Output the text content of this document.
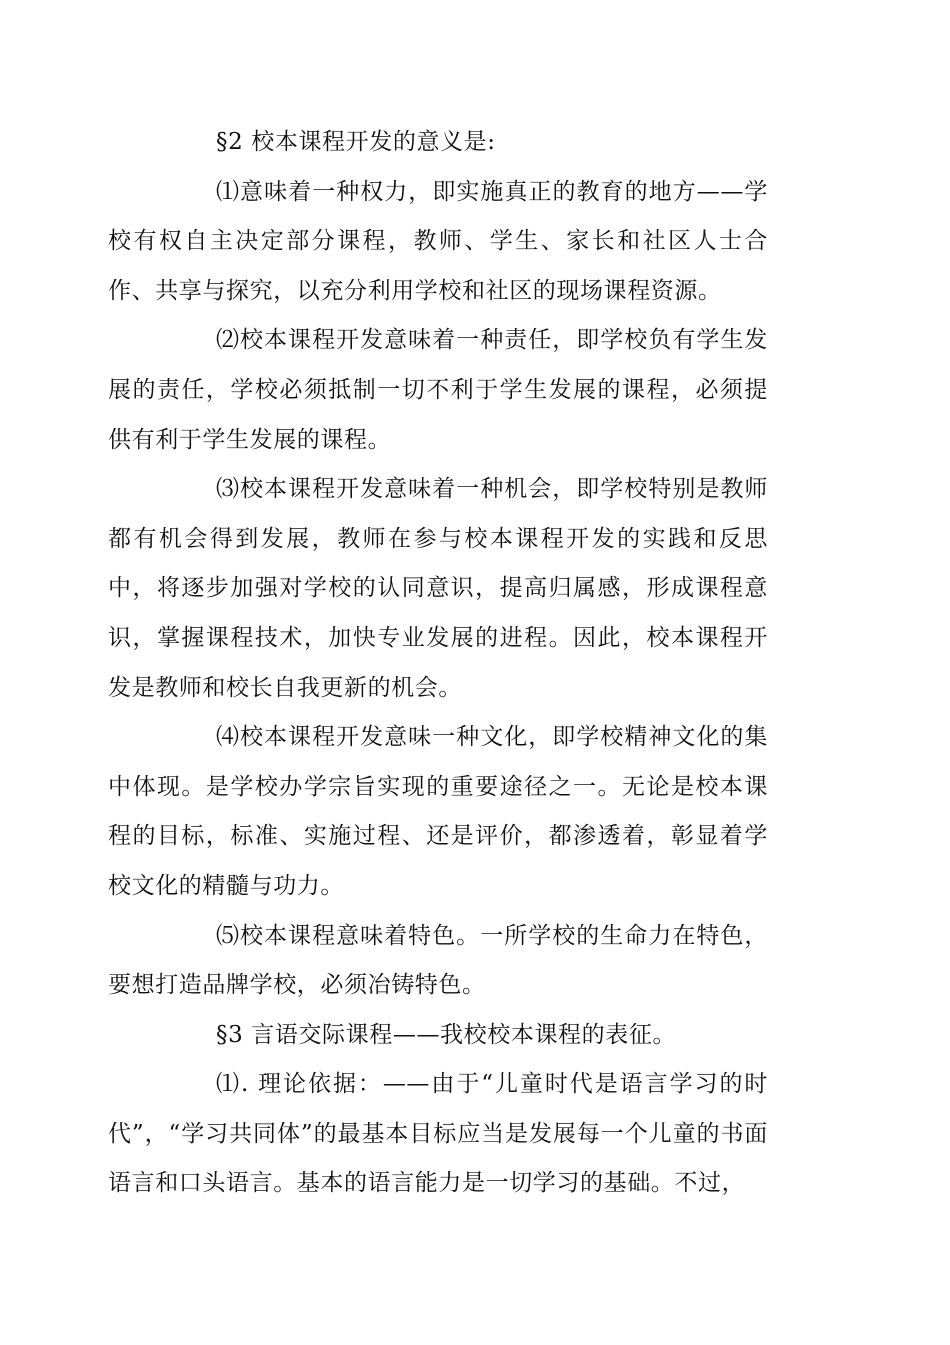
§2 校本课程开发的意义是:

⑴意味着一种权力，即实施真正的教育的地方——学校有权自主决定部分课程，教师、学生、家长和社区人士合作、共享与探究，以充分利用学校和社区的现场课程资源。

⑵校本课程开发意味着一种责任，即学校负有学生发展的责任，学校必须抵制一切不利于学生发展的课程，必须提供有利于学生发展的课程。

⑶校本课程开发意味着一种机会，即学校特别是教师都有机会得到发展，教师在参与校本课程开发的实践和反思中，将逐步加强对学校的认同意识，提高归属感，形成课程意识，掌握课程技术，加快专业发展的进程。因此，校本课程开发是教师和校长自我更新的机会。

⑷校本课程开发意味一种文化，即学校精神文化的集中体现。是学校办学宗旨实现的重要途径之一。无论是校本课程的目标，标准、实施过程、还是评价，都渗透着，彰显着学校文化的精髓与功力。

⑸校本课程意味着特色。一所学校的生命力在特色，要想打造品牌学校，必须冶铸特色。

§3 言语交际课程——我校校本课程的表征。

⑴. 理论依据：——由于“儿童时代是语言学习的时代”，“学习共同体”的最基本目标应当是发展每一个儿童的书面语言和口头语言。基本的语言能力是一切学习的基础。不过，
